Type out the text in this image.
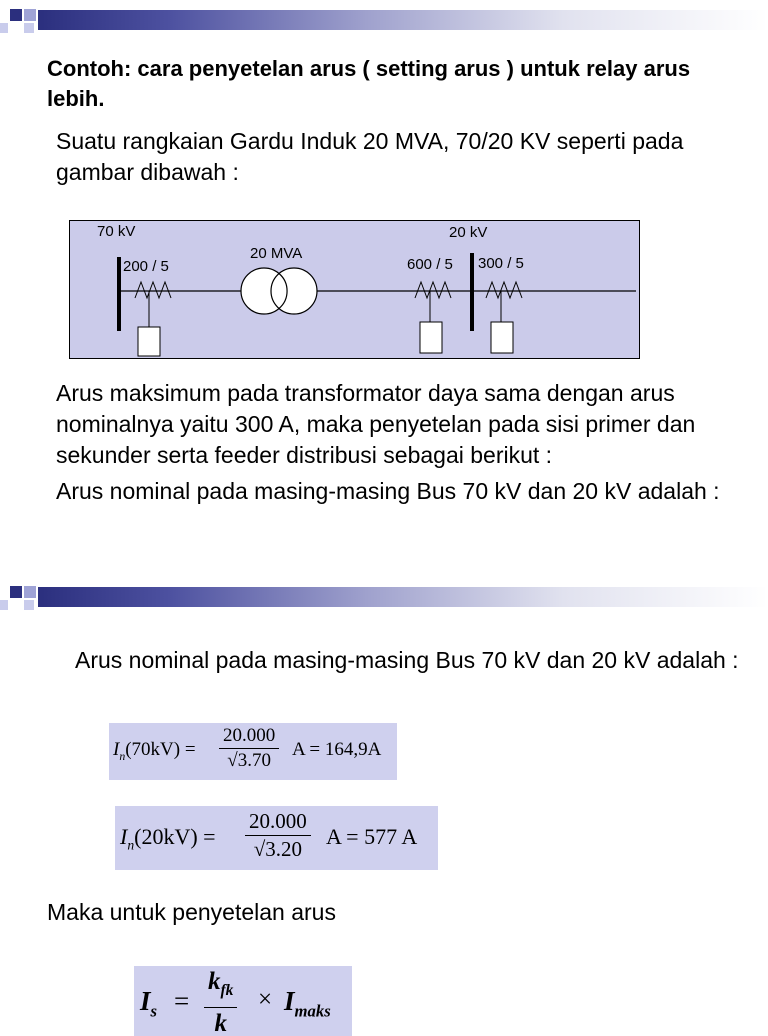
Contoh: cara penyetelan arus ( setting arus ) untuk relay arus lebih.
Suatu rangkaian Gardu Induk 20 MVA, 70/20 KV seperti pada gambar dibawah :
70 kV	20 kV
20 MVA
200 / 5	600 / 5 300 / 5
Arus maksimum pada transformator daya sama dengan arus nominalnya yaitu 300 A, maka penyetelan pada sisi primer dan sekunder serta feeder distribusi sebagai berikut :
Arus nominal pada masing-masing Bus 70 kV dan 20 kV adalah :
Arus nominal pada masing-masing Bus 70 kV dan 20 kV adalah :
$I_n(70kV) = \frac{20.000}{√3.70}$ A = 164,9A
$I_n(20kV) = \frac{20.000}{√3.20}$ A = 577 A
Maka untuk penyetelan arus
$I_s$ =
$k_{fk}$
k
× $I_{maks}$
